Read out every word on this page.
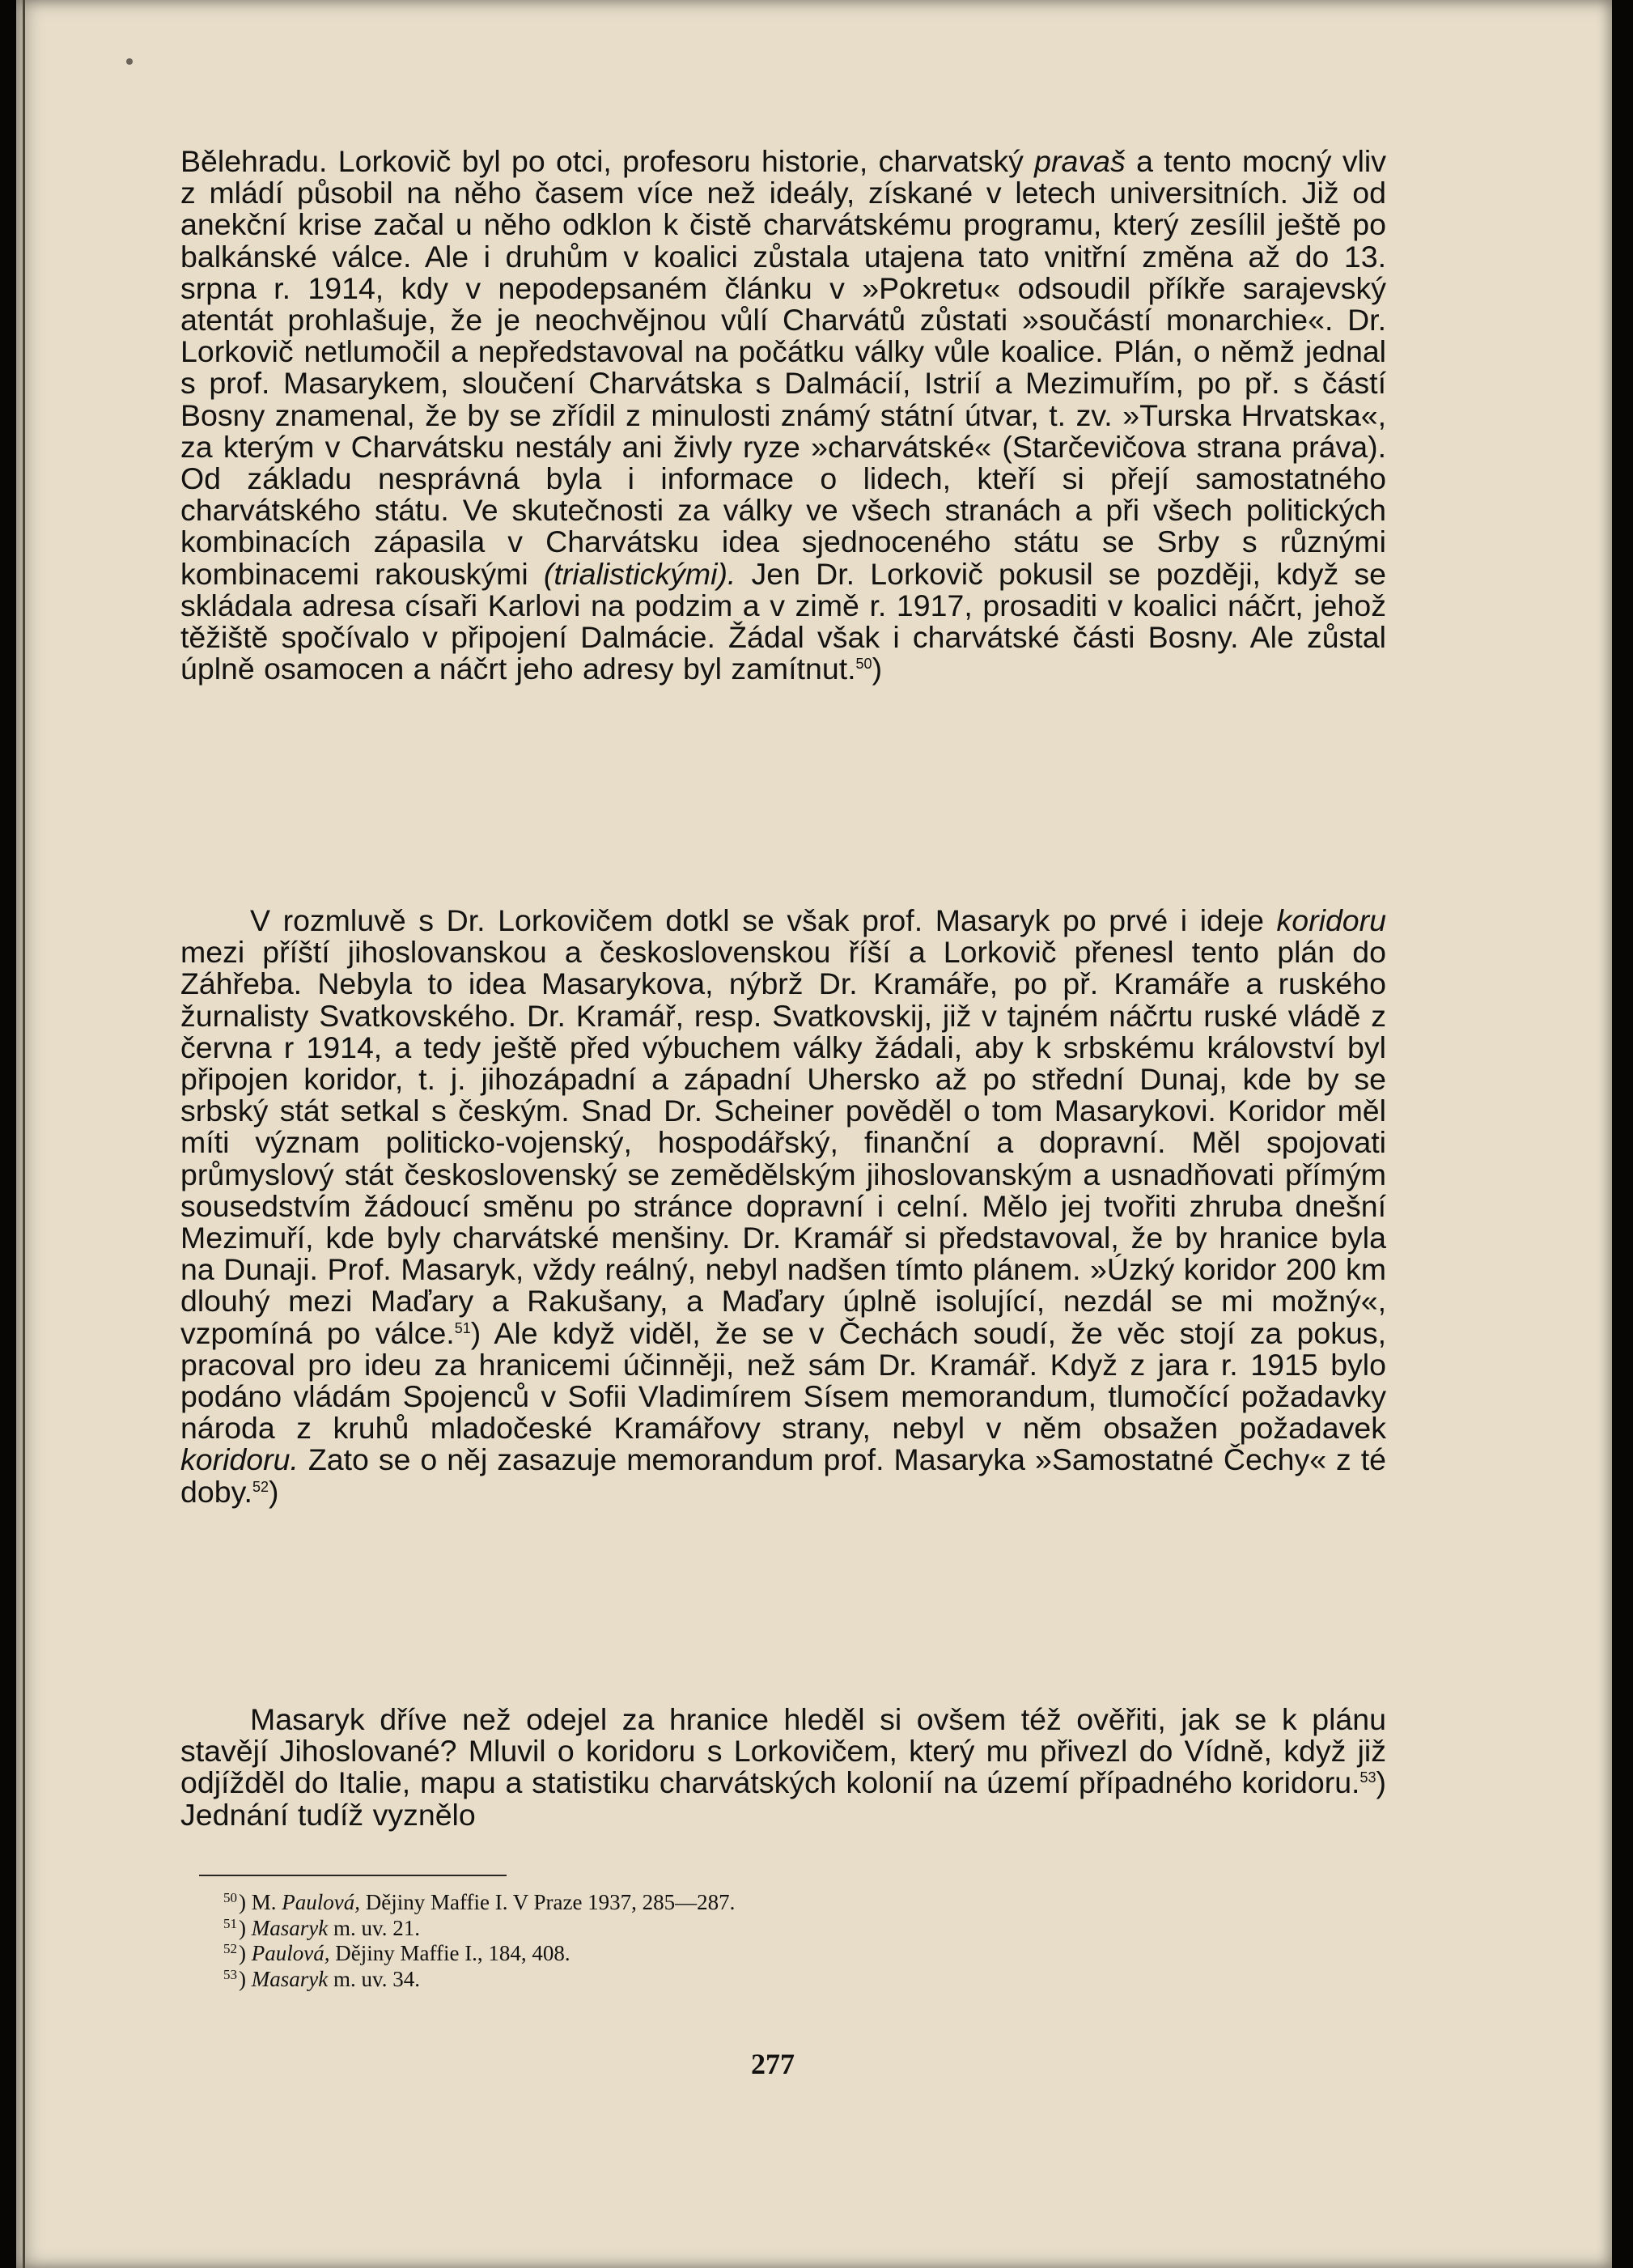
Bělehradu. Lorkovič byl po otci, profesoru historie, charvatský pravaš a tento mocný vliv z mládí působil na něho časem více než ideály, získané v letech universitních. Již od anekční krise začal u něho odklon k čistě charvátskému programu, který zesílil ještě po balkánské válce. Ale i druhům v koalici zůstala utajena tato vnitřní změna až do 13. srpna r. 1914, kdy v nepodepsaném článku v »Pokretu« odsoudil příkře sarajevský atentát prohlašuje, že je neochvějnou vůlí Charvátů zůstati »součástí monarchie«. Dr. Lorkovič netlumočil a nepředstavoval na počátku války vůle koalice. Plán, o němž jednal s prof. Masarykem, sloučení Charvátska s Dalmácií, Istrií a Mezimuřím, po př. s částí Bosny znamenal, že by se zřídil z minulosti známý státní útvar, t. zv. »Turska Hrvatska«, za kterým v Charvátsku nestály ani živly ryze »charvátské« (Starčevičova strana práva). Od základu nesprávná byla i informace o lidech, kteří si přejí samostatného charvátského státu. Ve skutečnosti za války ve všech stranách a při všech politických kombinacích zápasila v Charvátsku idea sjednoceného státu se Srby s různými kombinacemi rakouskými (trialistickými). Jen Dr. Lorkovič pokusil se později, když se skládala adresa císaři Karlovi na podzim a v zimě r. 1917, prosaditi v koalici náčrt, jehož těžiště spočívalo v připojení Dalmácie. Žádal však i charvátské části Bosny. Ale zůstal úplně osamocen a náčrt jeho adresy byl zamítnut.$^{50}$)

V rozmluvě s Dr. Lorkovičem dotkl se však prof. Masaryk po prvé i ideje koridoru mezi příští jihoslovanskou a československou říší a Lorkovič přenesl tento plán do Záhřeba. Nebyla to idea Masarykova, nýbrž Dr. Kramáře, po př. Kramáře a ruského žurnalisty Svatkovského. Dr. Kramář, resp. Svatkovskij, již v tajném náčrtu ruské vládě z června r 1914, a tedy ještě před výbuchem války žádali, aby k srbskému království byl připojen koridor, t. j. jihozápadní a západní Uhersko až po střední Dunaj, kde by se srbský stát setkal s českým. Snad Dr. Scheiner pověděl o tom Masarykovi. Koridor měl míti význam politicko-vojenský, hospodářský, finanční a dopravní. Měl spojovati průmyslový stát československý se zemědělským jihoslovanským a usnadňovati přímým sousedstvím žádoucí směnu po stránce dopravní i celní. Mělo jej tvořiti zhruba dnešní Mezimuří, kde byly charvátské menšiny. Dr. Kramář si představoval, že by hranice byla na Dunaji. Prof. Masaryk, vždy reálný, nebyl nadšen tímto plánem. »Úzký koridor 200 km dlouhý mezi Maďary a Rakušany, a Maďary úplně isolující, nezdál se mi možný«, vzpomíná po válce.$^{51}$) Ale když viděl, že se v Čechách soudí, že věc stojí za pokus, pracoval pro ideu za hranicemi účinněji, než sám Dr. Kramář. Když z jara r. 1915 bylo podáno vládám Spojenců v Sofii Vladimírem Sísem memorandum, tlumočící požadavky národa z kruhů mladočeské Kramářovy strany, nebyl v něm obsažen požadavek koridoru. Zato se o něj zasazuje memorandum prof. Masaryka »Samostatné Čechy« z té doby.$^{52}$)

Masaryk dříve než odejel za hranice hleděl si ovšem též ověřiti, jak se k plánu stavějí Jihoslované? Mluvil o koridoru s Lorkovičem, který mu přivezl do Vídně, když již odjížděl do Italie, mapu a statistiku charvátských kolonií na území případného koridoru.$^{53}$) Jednání tudíž vyznělo

$^{50}$) M. Paulová, Dějiny Maffie I. V Praze 1937, 285—287.
$^{51}$) Masaryk m. uv. 21.
$^{52}$) Paulová, Dějiny Maffie I., 184, 408.
$^{53}$) Masaryk m. uv. 34.
277
